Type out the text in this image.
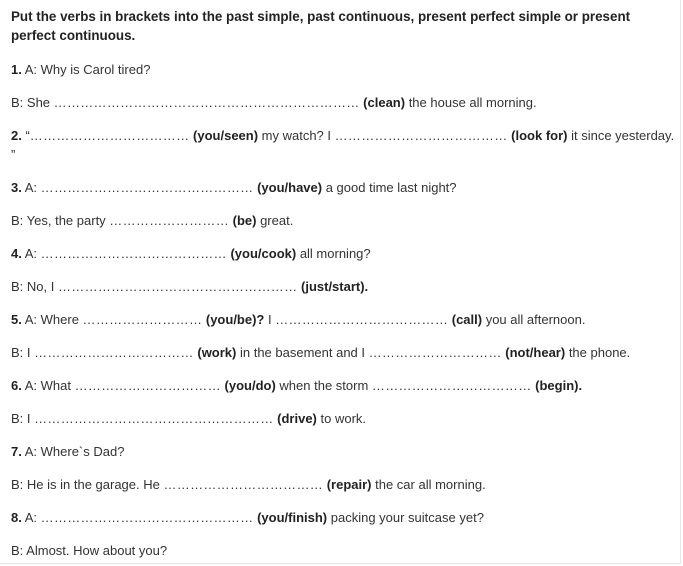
Put the verbs in brackets into the past simple, past continuous, present perfect simple or present perfect continuous.
1. A: Why is Carol tired?
B: She …………………………………………………………… (clean) the house all morning.
2. “……………………………… (you/seen) my watch? I ………………………………… (look for) it since yesterday. ”
3. A: ………………………………………… (you/have) a good time last night?
B: Yes, the party ……………………… (be) great.
4. A: …………………………………… (you/cook) all morning?
B: No, I ……………………………………………… (just/start).
5. A: Where ……………………… (you/be)? I ………………………………… (call) you all afternoon.
B: I ……………………………… (work) in the basement and I ………………………… (not/hear) the phone.
6. A: What …………………………… (you/do) when the storm ……………………………… (begin).
B: I ……………………………………………… (drive) to work.
7. A: Where`s Dad?
B: He is in the garage. He ……………………………… (repair) the car all morning.
8. A: ………………………………………… (you/finish) packing your suitcase yet?
B: Almost. How about you?
